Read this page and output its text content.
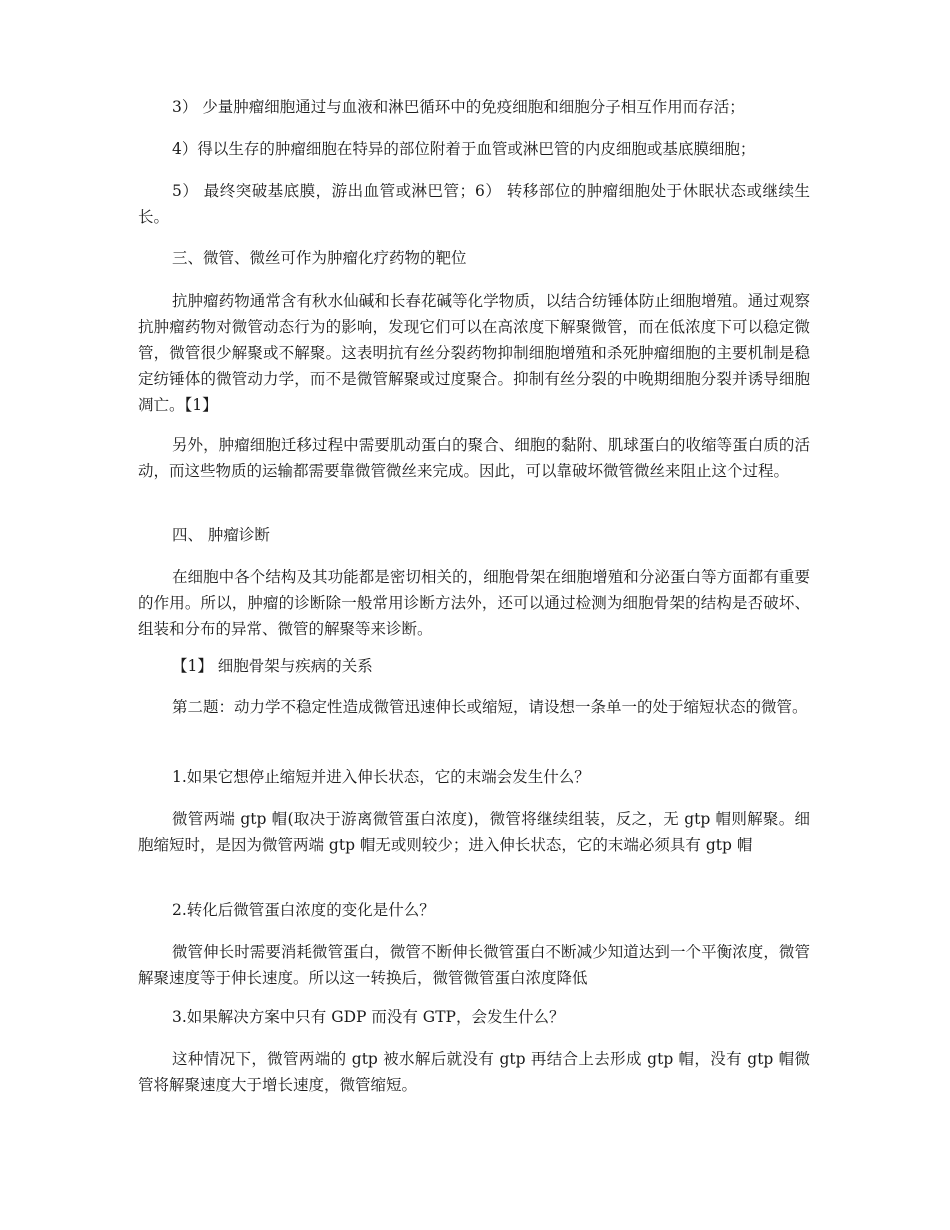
3） 少量肿瘤细胞通过与血液和淋巴循环中的免疫细胞和细胞分子相互作用而存活；

4）得以生存的肿瘤细胞在特异的部位附着于血管或淋巴管的内皮细胞或基底膜细胞；

5） 最终突破基底膜，游出血管或淋巴管；6） 转移部位的肿瘤细胞处于休眠状态或继续生长。

三、微管、微丝可作为肿瘤化疗药物的靶位

抗肿瘤药物通常含有秋水仙碱和长春花碱等化学物质，以结合纺锤体防止细胞增殖。通过观察抗肿瘤药物对微管动态行为的影响，发现它们可以在高浓度下解聚微管，而在低浓度下可以稳定微管，微管很少解聚或不解聚。这表明抗有丝分裂药物抑制细胞增殖和杀死肿瘤细胞的主要机制是稳定纺锤体的微管动力学，而不是微管解聚或过度聚合。抑制有丝分裂的中晚期细胞分裂并诱导细胞凋亡。【1】

另外，肿瘤细胞迁移过程中需要肌动蛋白的聚合、细胞的黏附、肌球蛋白的收缩等蛋白质的活动，而这些物质的运输都需要靠微管微丝来完成。因此，可以靠破坏微管微丝来阻止这个过程。

四、 肿瘤诊断

在细胞中各个结构及其功能都是密切相关的，细胞骨架在细胞增殖和分泌蛋白等方面都有重要的作用。所以，肿瘤的诊断除一般常用诊断方法外，还可以通过检测为细胞骨架的结构是否破坏、组装和分布的异常、微管的解聚等来诊断。

【1】 细胞骨架与疾病的关系

第二题：动力学不稳定性造成微管迅速伸长或缩短，请设想一条单一的处于缩短状态的微管。

1.如果它想停止缩短并进入伸长状态，它的末端会发生什么？

微管两端 gtp 帽(取决于游离微管蛋白浓度)，微管将继续组装，反之，无 gtp 帽则解聚。细胞缩短时，是因为微管两端 gtp 帽无或则较少；进入伸长状态，它的末端必须具有 gtp 帽

2.转化后微管蛋白浓度的变化是什么？

微管伸长时需要消耗微管蛋白，微管不断伸长微管蛋白不断减少知道达到一个平衡浓度，微管解聚速度等于伸长速度。所以这一转换后，微管微管蛋白浓度降低

3.如果解决方案中只有 GDP 而没有 GTP，会发生什么？

这种情况下，微管两端的 gtp 被水解后就没有 gtp 再结合上去形成 gtp 帽，没有 gtp 帽微管将解聚速度大于增长速度，微管缩短。
